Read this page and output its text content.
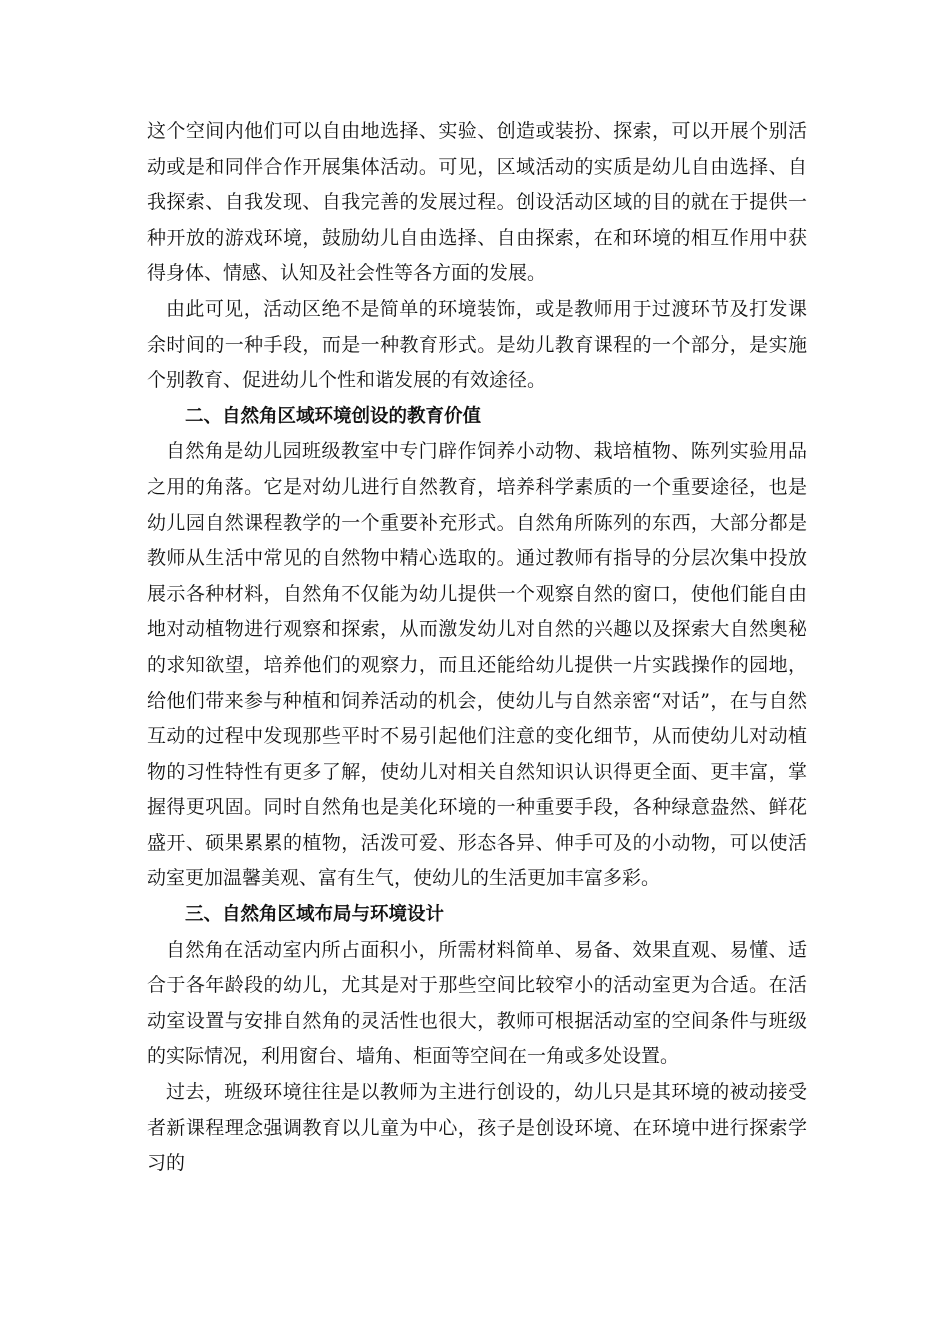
这个空间内他们可以自由地选择、实验、创造或装扮、探索，可以开展个别活动或是和同伴合作开展集体活动。可见，区域活动的实质是幼儿自由选择、自我探索、自我发现、自我完善的发展过程。创设活动区域的目的就在于提供一种开放的游戏环境，鼓励幼儿自由选择、自由探索，在和环境的相互作用中获得身体、情感、认知及社会性等各方面的发展。

由此可见，活动区绝不是简单的环境装饰，或是教师用于过渡环节及打发课余时间的一种手段，而是一种教育形式。是幼儿教育课程的一个部分，是实施个别教育、促进幼儿个性和谐发展的有效途径。

二、自然角区域环境创设的教育价值

自然角是幼儿园班级教室中专门辟作饲养小动物、栽培植物、陈列实验用品之用的角落。它是对幼儿进行自然教育，培养科学素质的一个重要途径，也是幼儿园自然课程教学的一个重要补充形式。自然角所陈列的东西，大部分都是教师从生活中常见的自然物中精心选取的。通过教师有指导的分层次集中投放展示各种材料，自然角不仅能为幼儿提供一个观察自然的窗口，使他们能自由地对动植物进行观察和探索，从而激发幼儿对自然的兴趣以及探索大自然奥秘的求知欲望，培养他们的观察力，而且还能给幼儿提供一片实践操作的园地，给他们带来参与种植和饲养活动的机会，使幼儿与自然亲密“对话”，在与自然互动的过程中发现那些平时不易引起他们注意的变化细节，从而使幼儿对动植物的习性特性有更多了解，使幼儿对相关自然知识认识得更全面、更丰富，掌握得更巩固。同时自然角也是美化环境的一种重要手段，各种绿意盎然、鲜花盛开、硕果累累的植物，活泼可爱、形态各异、伸手可及的小动物，可以使活动室更加温馨美观、富有生气，使幼儿的生活更加丰富多彩。

三、自然角区域布局与环境设计

自然角在活动室内所占面积小，所需材料简单、易备、效果直观、易懂、适合于各年龄段的幼儿，尤其是对于那些空间比较窄小的活动室更为合适。在活动室设置与安排自然角的灵活性也很大，教师可根据活动室的空间条件与班级的实际情况，利用窗台、墙角、柜面等空间在一角或多处设置。

过去，班级环境往往是以教师为主进行创设的，幼儿只是其环境的被动接受者新课程理念强调教育以儿童为中心，孩子是创设环境、在环境中进行探索学习的
